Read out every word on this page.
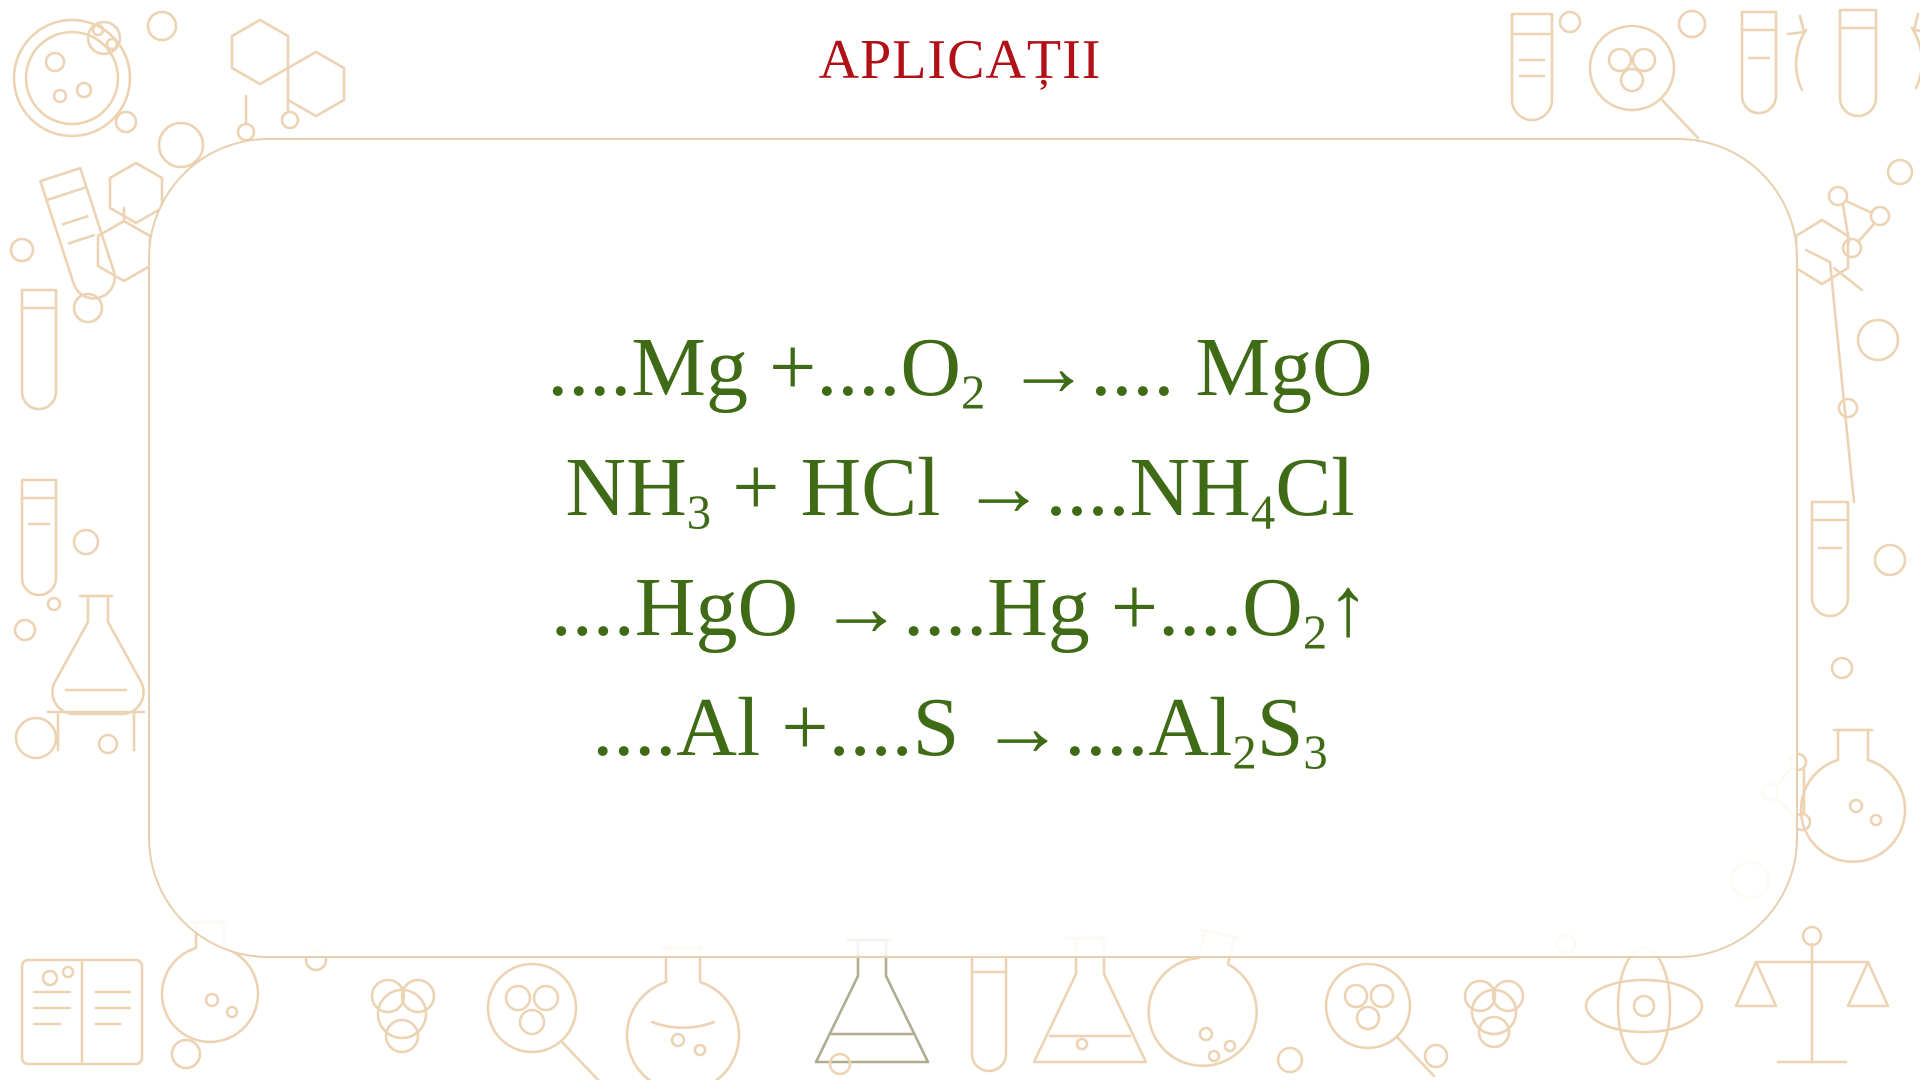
APLICAȚII
$....Mg +....O_2$ →.... MgO
$NH_3$ + HCl $\to....NH_4Cl$
$....HgO \to....Hg +....O_2↑$
$....Al +....S \to....Al_2S_3$
